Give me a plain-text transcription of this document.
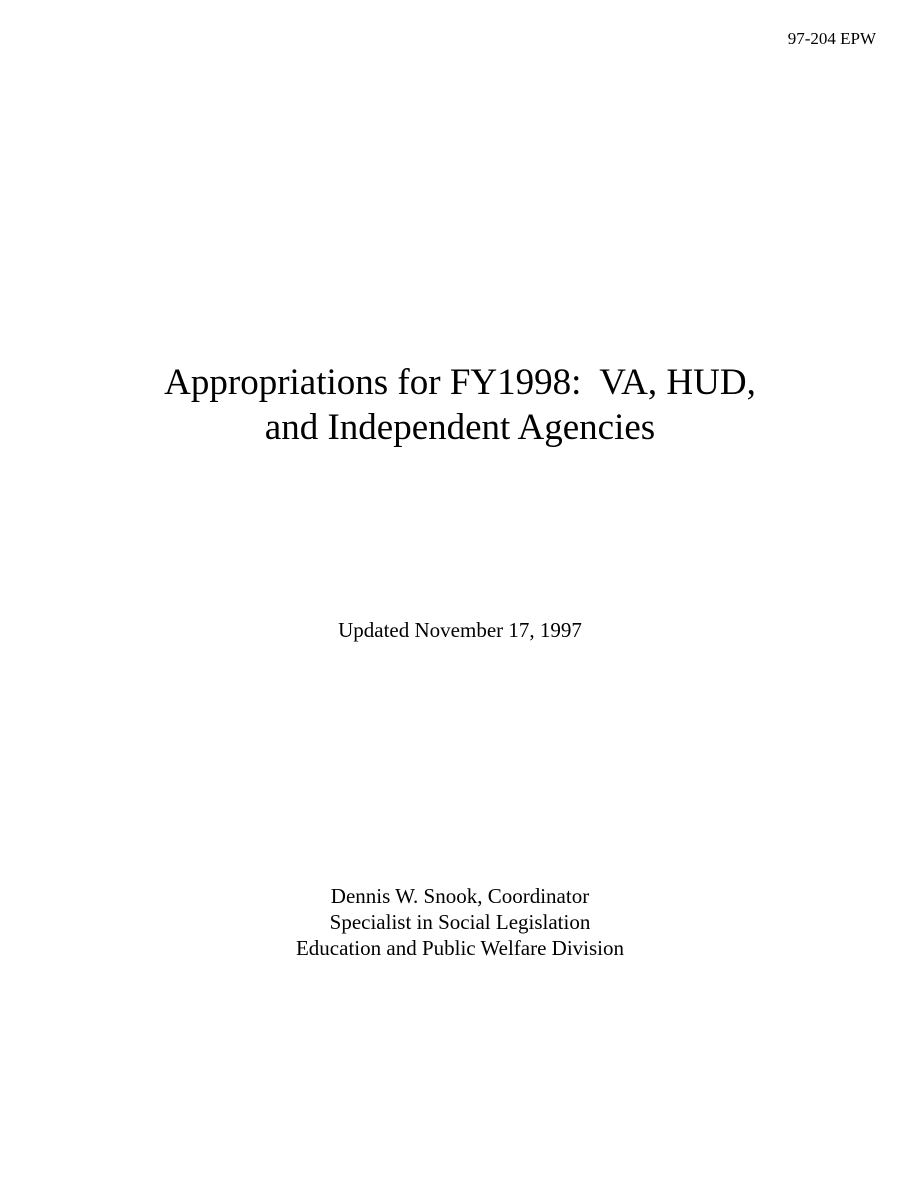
97-204 EPW
Appropriations for FY1998:  VA, HUD,
and Independent Agencies
Updated November 17, 1997
Dennis W. Snook, Coordinator
Specialist in Social Legislation
Education and Public Welfare Division
